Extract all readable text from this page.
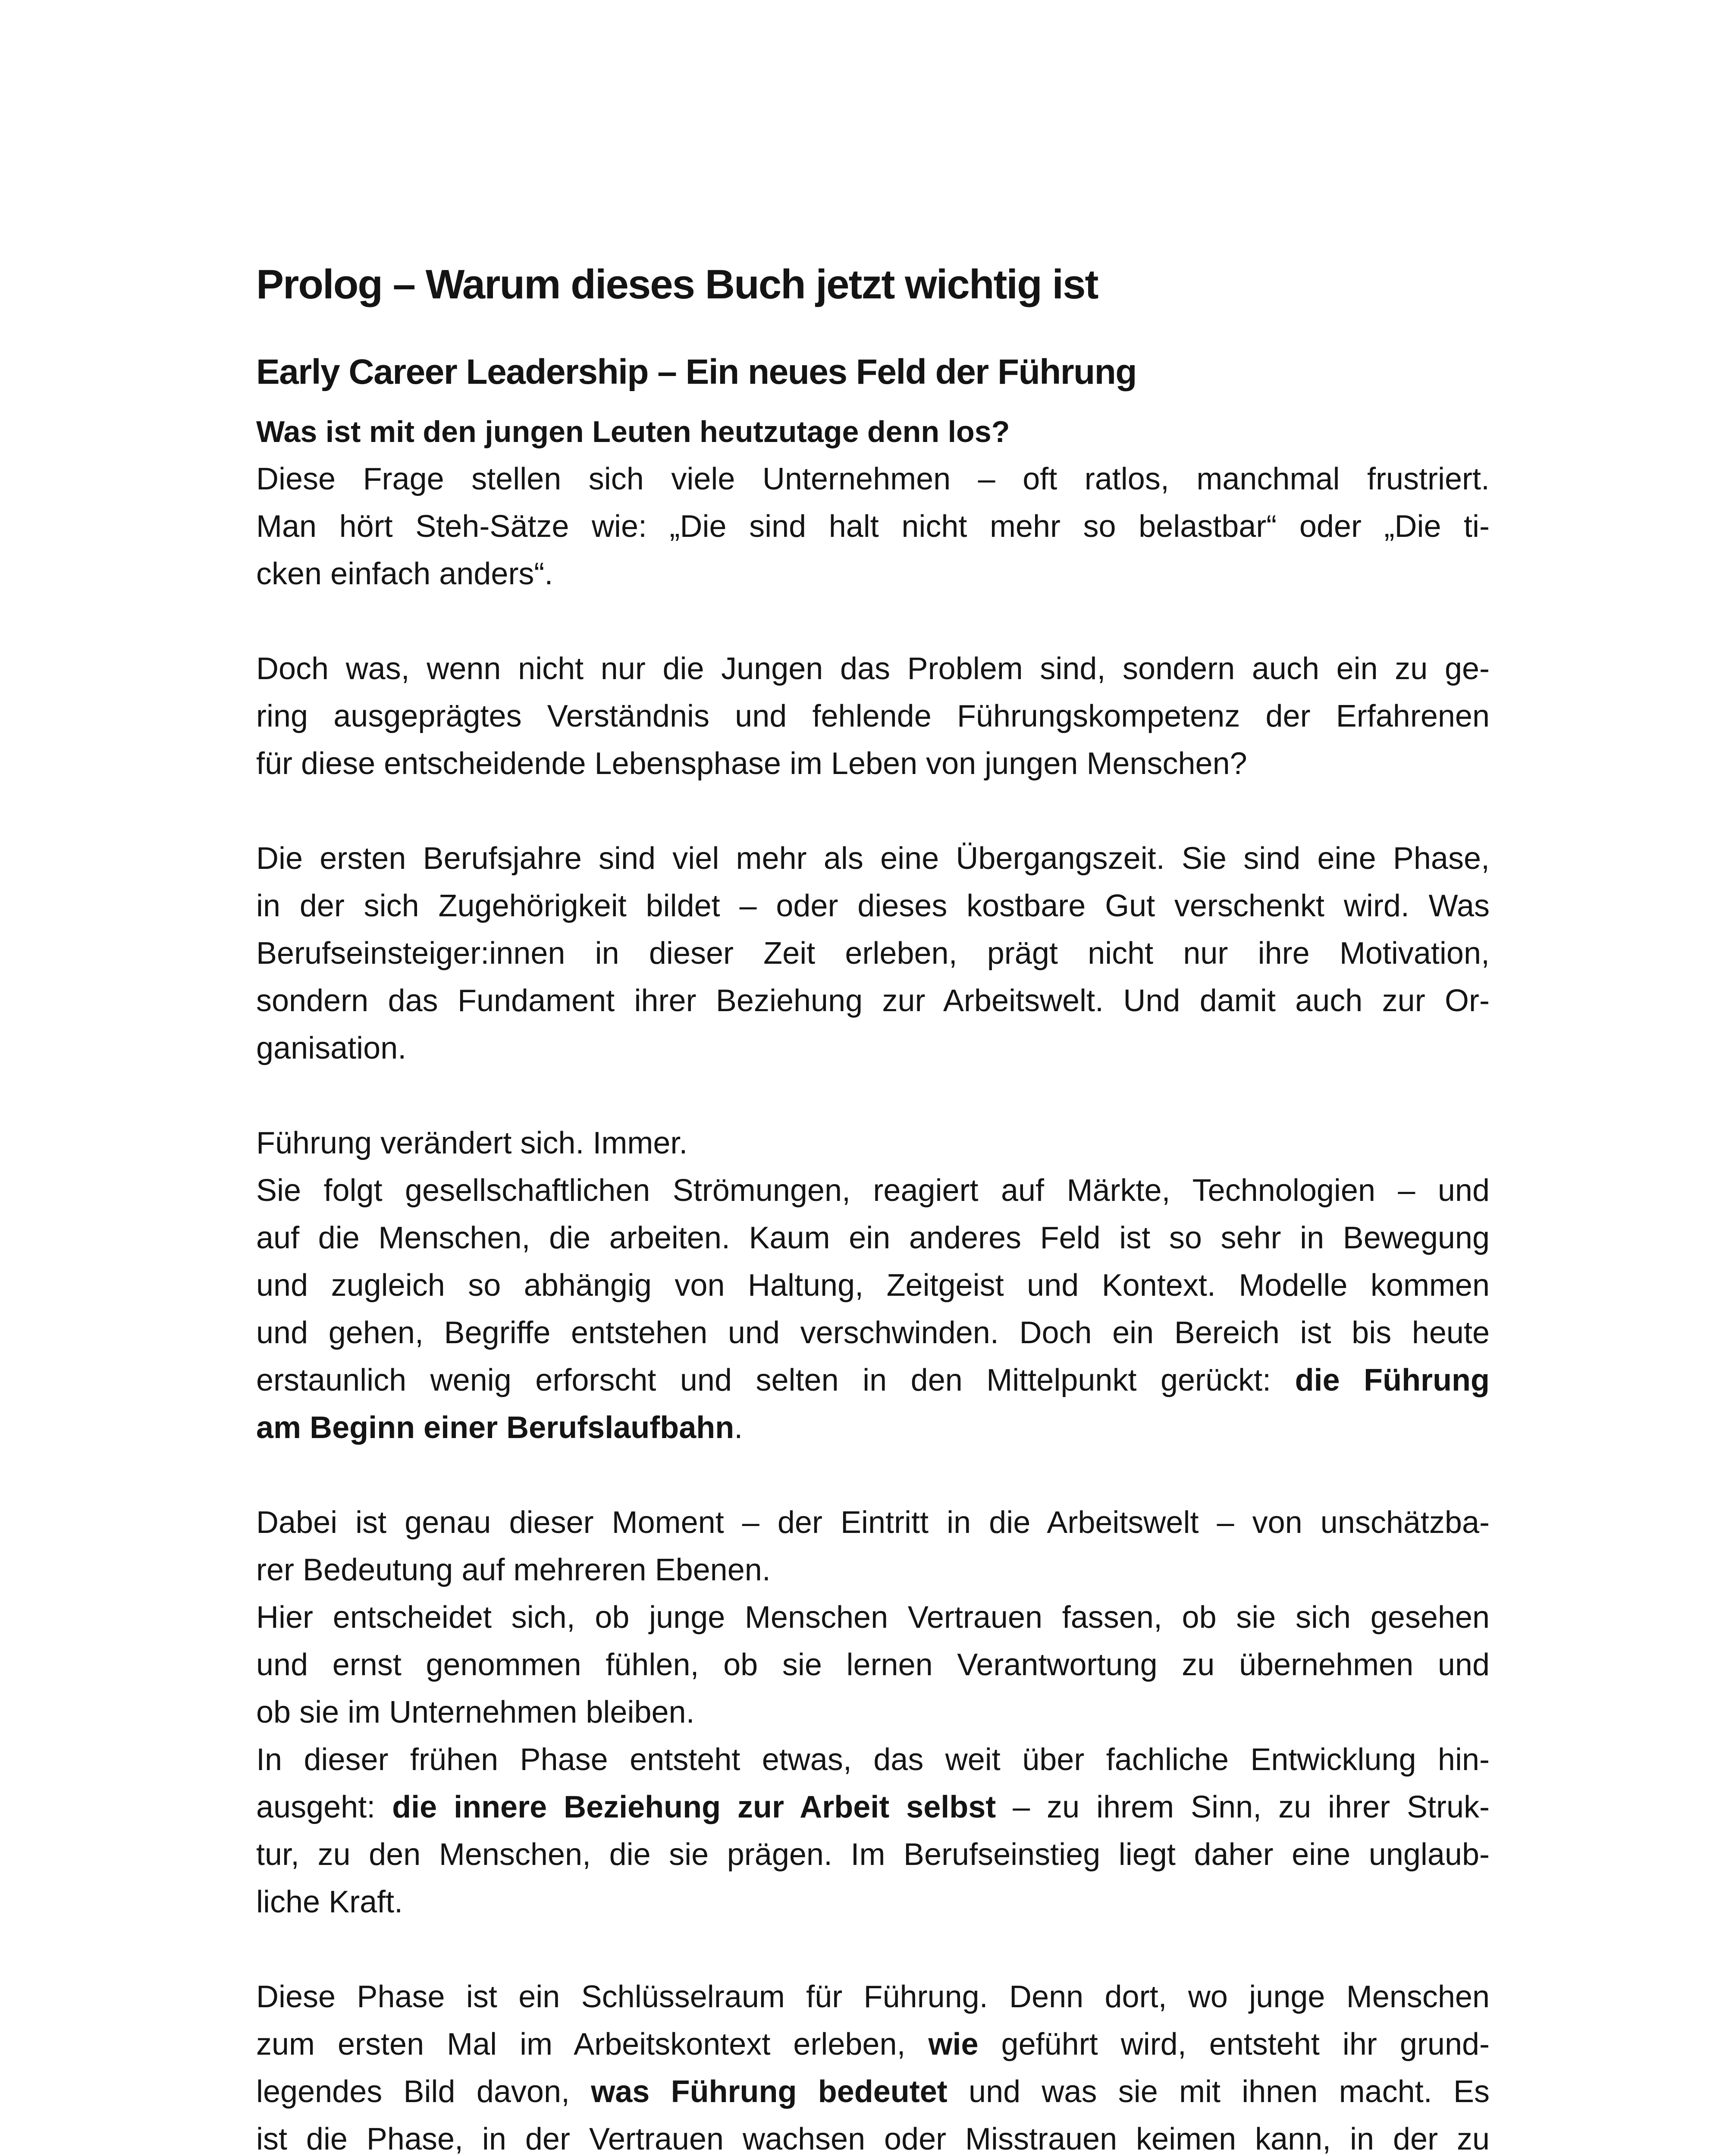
Prolog – Warum dieses Buch jetzt wichtig ist
Early Career Leadership – Ein neues Feld der Führung
Was ist mit den jungen Leuten heutzutage denn los?
Diese Frage stellen sich viele Unternehmen – oft ratlos, manchmal frustriert.
Man hört Steh-Sätze wie: „Die sind halt nicht mehr so belastbar“ oder „Die ti-
cken einfach anders“.
Doch was, wenn nicht nur die Jungen das Problem sind, sondern auch ein zu ge-
ring ausgeprägtes Verständnis und fehlende Führungskompetenz der Erfahrenen
für diese entscheidende Lebensphase im Leben von jungen Menschen?
Die ersten Berufsjahre sind viel mehr als eine Übergangszeit. Sie sind eine Phase,
in der sich Zugehörigkeit bildet – oder dieses kostbare Gut verschenkt wird. Was
Berufseinsteiger:innen in dieser Zeit erleben, prägt nicht nur ihre Motivation,
sondern das Fundament ihrer Beziehung zur Arbeitswelt. Und damit auch zur Or-
ganisation.
Führung verändert sich. Immer.
Sie folgt gesellschaftlichen Strömungen, reagiert auf Märkte, Technologien – und
auf die Menschen, die arbeiten. Kaum ein anderes Feld ist so sehr in Bewegung
und zugleich so abhängig von Haltung, Zeitgeist und Kontext. Modelle kommen
und gehen, Begriffe entstehen und verschwinden. Doch ein Bereich ist bis heute
erstaunlich wenig erforscht und selten in den Mittelpunkt gerückt: die Führung
am Beginn einer Berufslaufbahn.
Dabei ist genau dieser Moment – der Eintritt in die Arbeitswelt – von unschätzba-
rer Bedeutung auf mehreren Ebenen.
Hier entscheidet sich, ob junge Menschen Vertrauen fassen, ob sie sich gesehen
und ernst genommen fühlen, ob sie lernen Verantwortung zu übernehmen und
ob sie im Unternehmen bleiben.
In dieser frühen Phase entsteht etwas, das weit über fachliche Entwicklung hin-
ausgeht: die innere Beziehung zur Arbeit selbst – zu ihrem Sinn, zu ihrer Struk-
tur, zu den Menschen, die sie prägen. Im Berufseinstieg liegt daher eine unglaub-
liche Kraft.
Diese Phase ist ein Schlüsselraum für Führung. Denn dort, wo junge Menschen
zum ersten Mal im Arbeitskontext erleben, wie geführt wird, entsteht ihr grund-
legendes Bild davon, was Führung bedeutet und was sie mit ihnen macht. Es
ist die Phase, in der Vertrauen wachsen oder Misstrauen keimen kann, in der zu
